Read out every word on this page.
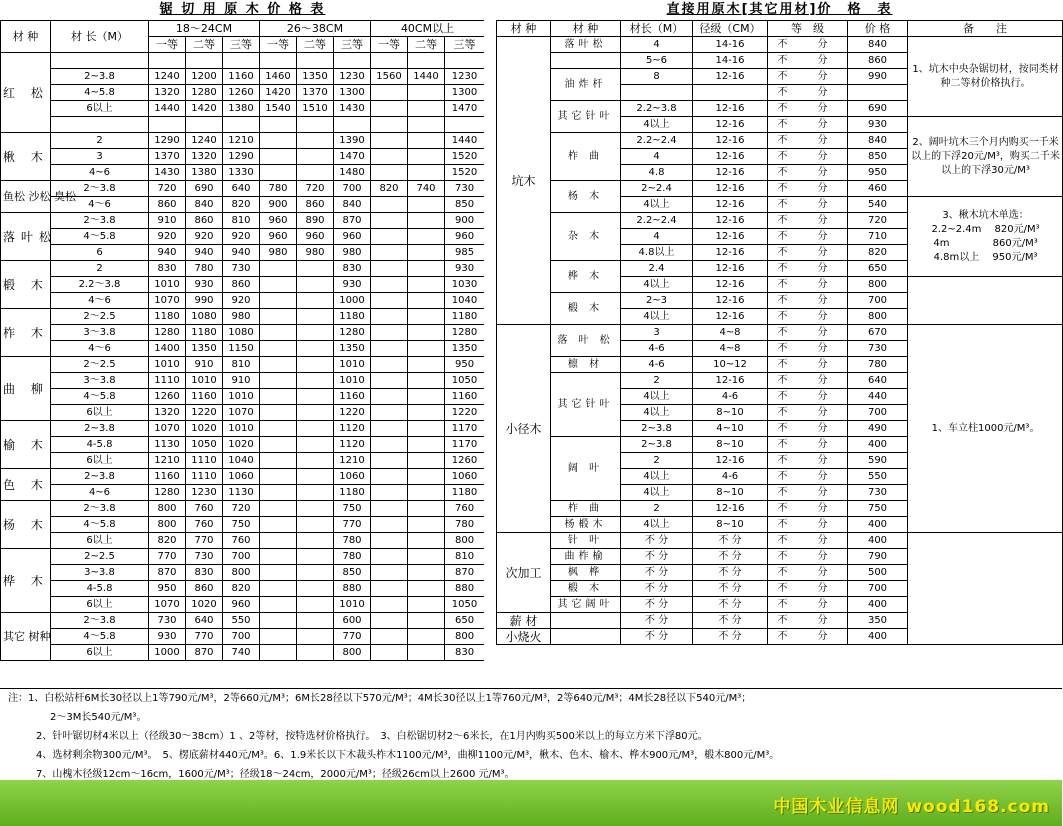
锯 切 用 原 木 价 格 表										
材 种	材 长（M）	18～24CM			26～38CM			40CM以上		
		一等	二等	三等	一等	二等	三等	一等	二等	三等
红 松										
	2~3.8	1240	1200	1160	1460	1350	1230	1560	1440	1230
	4~5.8	1320	1280	1260	1420	1370	1300			1300
	6以上	1440	1420	1380	1540	1510	1430			1470

楸 木	2	1290	1240	1210			1390			1440
	3	1370	1320	1290			1470			1520
	4~6	1430	1380	1330			1480			1520
鱼松 沙松 臭松	2～3.8	720	690	640	780	720	700	820	740	730
	4～6	860	840	820	900	860	840			850
落叶松	2～3.8	910	860	810	960	890	870			900
	4～5.8	920	920	920	960	960	960			960
	6	940	940	940	980	980	980			985
椴 木	2	830	780	730			830			930
	2.2～3.8	1010	930	860			930			1030
	4～6	1070	990	920			1000			1040
柞 木	2～2.5	1180	1080	980			1180			1180
	3～3.8	1280	1180	1080			1280			1280
	4～6	1400	1350	1150			1350			1350
曲 柳	2～2.5	1010	910	810			1010			950
	3～3.8	1110	1010	910			1010			1050
	4～5.8	1260	1160	1010			1160			1160
	6以上	1320	1220	1070			1220			1220
榆 木	2~3.8	1070	1020	1010			1120			1170
	4-5.8	1130	1050	1020			1120			1170
	6以上	1210	1110	1040			1210			1260
色 木	2~3.8	1160	1110	1060			1060			1060
	4~6	1280	1230	1130			1180			1180
杨 木	2～3.8	800	760	720			750			760
	4～5.8	800	760	750			770			780
	6以上	820	770	760			780			800
桦 木	2~2.5	770	730	700			780			810
	3~3.8	870	830	800			850			870
	4-5.8	950	860	820			880			880
	6以上	1070	1020	960			1010			1050
其它 树种	2～3.8	730	640	550			600			650
	4～5.8	930	770	700			770			800
	6以上	1000	870	740			800			830
直接用原木[其它用材]价　格　表						
材 种	材 种	材长（M）	径级（CM）	等　级	价 格	备　　注

坑木	落叶松	4	14-16	不　分	840	1、坑木中央杂锯切材，按同类材种二等材价格执行。
		5~6	14-16	不　分	860	
	油炸杆	8	12-16	不　分	990	
				不　分		
	其它针叶	2.2~3.8	12-16	不　分	690	
		4以上	12-16	不　分	930	2、阔叶坑木三个月内购买一千米以上的下浮20元/M³，购买二千米以上的下浮30元/M³
	柞 曲	2.2~2.4	12-16	不　分	840	
		4	12-16	不　分	850	
		4.8	12-16	不　分	950	
	杨 木	2~2.4	12-16	不　分	460	
		4以上	12-16	不　分	540	3、楸木坑木单选：
2.2~2.4m　 820元/M³
4m　　　　 860元/M³
4.8m以上　 950元/M³
	杂 木	2.2~2.4	12-16	不　分	720	
		4	12-16	不　分	710	
		4.8以上	12-16	不　分	820	
	桦 木	2.4	12-16	不　分	650	
		4以上	12-16	不　分	800	
	椴 木	2~3	12-16	不　分	700	
		4以上	12-16	不　分	800	
小径木	落 叶 松	3	4~8	不　分	670	1、车立柱1000元/M³。
		4-6	4~8	不　分	730	
	檩 材	4-6	10~12	不　分	780	
	其它针叶	2	12-16	不　分	640	
		4以上	4-6	不　分	440	
		4以上	8~10	不　分	700	
		2~3.8	4~10	不　分	490	
	阔 叶	2~3.8	8~10	不　分	400	
		2	12-16	不　分	590	
		4以上	4-6	不　分	550	
		4以上	8~10	不　分	730	
	柞 曲	2	12-16	不　分	750	
	杨椴木	4以上	8~10	不　分	400	
次加工	针 叶	不 分	不 分	不　分	400	
	曲柞榆	不 分	不 分	不　分	790	
	枫 桦	不 分	不 分	不　分	500	
	椴 木	不 分	不 分	不　分	700	
	其它阔叶	不 分	不 分	不　分	400	
薪 材		不 分	不 分	不　分	350	
小烧火		不 分	不 分	不　分	400	
注：1、白松站杆6M长30径以上1等790元/M³，2等660元/M³；6M长28径以下570元/M³；4M长30径以上1等760元/M³，2等640元/M³；4M长28径以下540元/M³；
2～3M长540元/M³。
2、针叶锯切材4米以上（径级30～38cm）1 、2等材，按特选材价格执行。　3、白松锯切材2～6米长，在1月内购买500米以上的每立方米下浮80元。
4、选材剩余物300元/M³。　5、楞底薪材440元/M³。6、1.9米长以下木裁头柞木1100元/M³，曲柳1100元/M³，楸木、色木、榆木、桦木900元/M³，椴木800元/M³。
7、山槐木径级12cm～16cm，1600元/M³；径级18～24cm，2000元/M³；径级26cm以上2600 元/M³。
中国木业信息网 wood168.com
